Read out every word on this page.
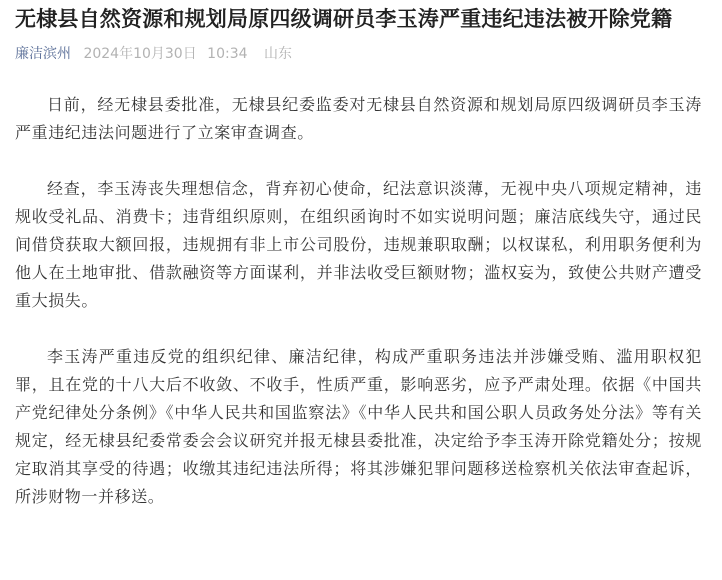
无棣县自然资源和规划局原四级调研员李玉涛严重违纪违法被开除党籍
廉洁滨州 2024年10月30日 10:34 山东

日前，经无棣县委批准，无棣县纪委监委对无棣县自然资源和规划局原四级调研员李玉涛严重违纪违法问题进行了立案审查调查。

经查，李玉涛丧失理想信念，背弃初心使命，纪法意识淡薄，无视中央八项规定精神，违规收受礼品、消费卡；违背组织原则，在组织函询时不如实说明问题；廉洁底线失守，通过民间借贷获取大额回报，违规拥有非上市公司股份，违规兼职取酬；以权谋私，利用职务便利为他人在土地审批、借款融资等方面谋利，并非法收受巨额财物；滥权妄为，致使公共财产遭受重大损失。

李玉涛严重违反党的组织纪律、廉洁纪律，构成严重职务违法并涉嫌受贿、滥用职权犯罪，且在党的十八大后不收敛、不收手，性质严重，影响恶劣，应予严肃处理。依据《中国共产党纪律处分条例》《中华人民共和国监察法》《中华人民共和国公职人员政务处分法》等有关规定，经无棣县纪委常委会会议研究并报无棣县委批准，决定给予李玉涛开除党籍处分；按规定取消其享受的待遇；收缴其违纪违法所得；将其涉嫌犯罪问题移送检察机关依法审查起诉，所涉财物一并移送。
